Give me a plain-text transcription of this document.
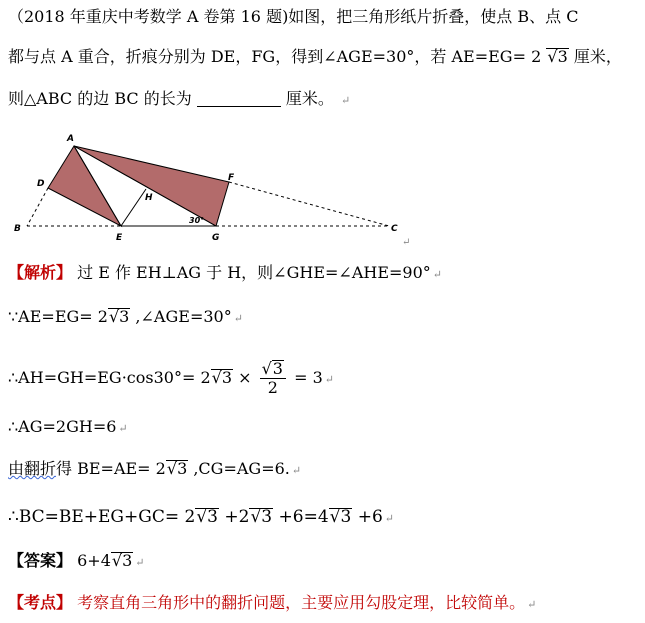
（2018 年重庆中考数学 A 卷第 16 题)如图，把三角形纸片折叠，使点 B、点 C
都与点 A 重合，折痕分别为 DE，FG，得到∠AGE=30°，若 AE=EG= 2 √3 厘米，
则△ABC 的边 BC 的长为	厘米。 ↵
A
D
B
E
H
G
F
C
30°
↵
【解析】 过 E 作 EH⊥AG 于 H，则∠GHE=∠AHE=90° ↵
∵AE=EG= 2√3 ,∠AGE=30° ↵
∴AH=GH=EG·cos30°= $2√3 \times \frac{√3}{2} = 3$ ↵
∴AG=2GH=6 ↵
由翻折得 BE=AE= 2√3 ,CG=AG=6. ↵
∴BC=BE+EG+GC= 2√3 +2√3 +6=4√3 +6 ↵
【答案】 6+4√3 ↵
【考点】 考察直角三角形中的翻折问题，主要应用勾股定理，比较简单。 ↵
